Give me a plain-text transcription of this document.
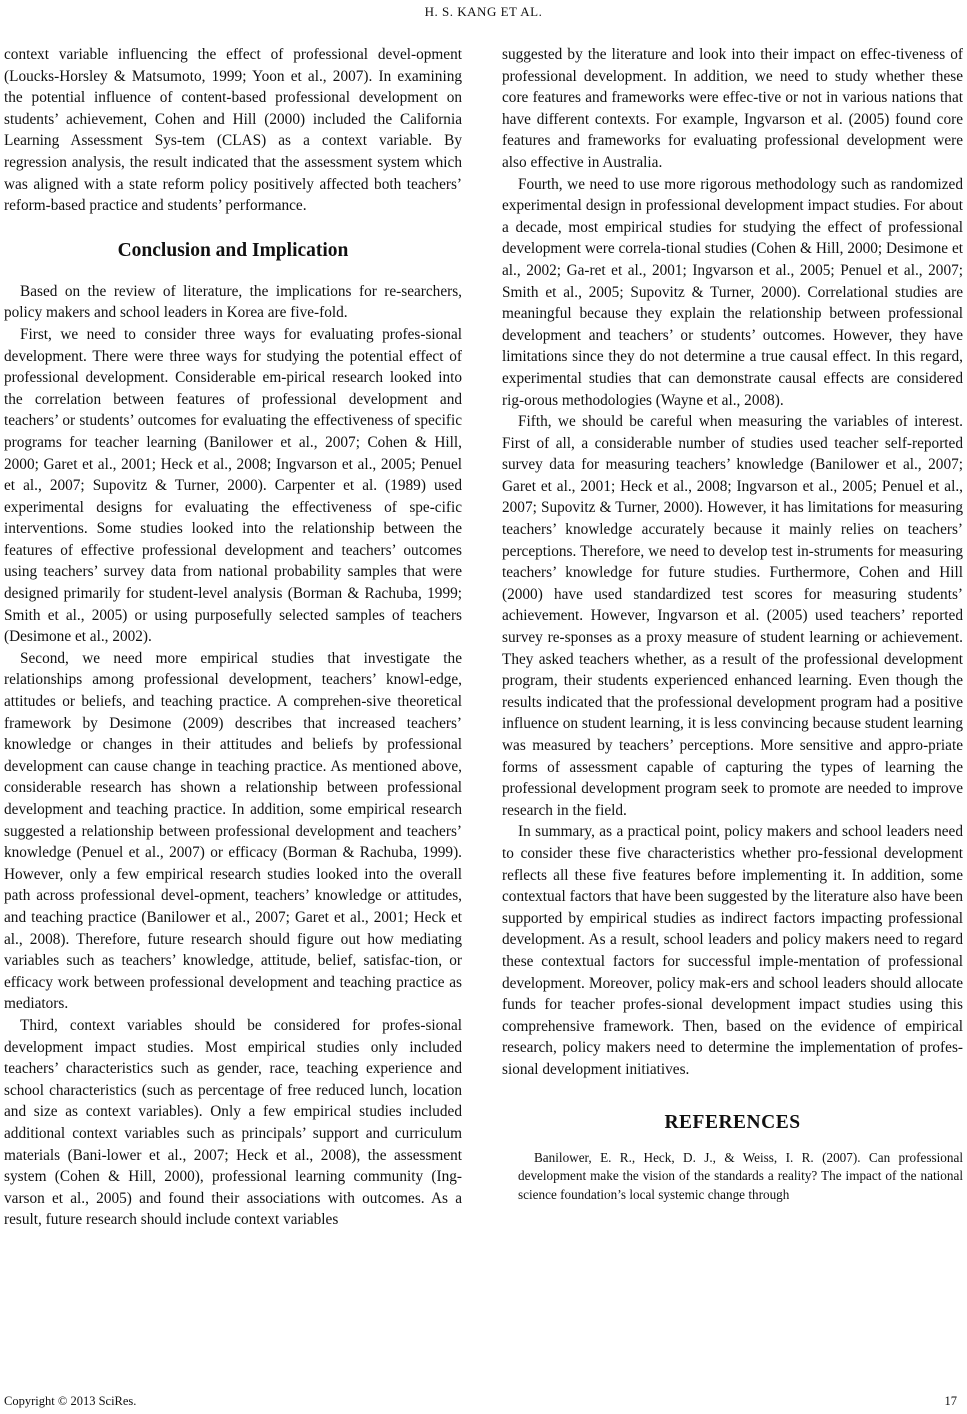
H. S. KANG ET AL.

context variable influencing the effect of professional devel-opment (Loucks-Horsley & Matsumoto, 1999; Yoon et al., 2007). In examining the potential influence of content-based professional development on students’ achievement, Cohen and Hill (2000) included the California Learning Assessment Sys-tem (CLAS) as a context variable. By regression analysis, the result indicated that the assessment system which was aligned with a state reform policy positively affected both teachers’ reform-based practice and students’ performance.

Conclusion and Implication

Based on the review of literature, the implications for re-searchers, policy makers and school leaders in Korea are five-fold.

First, we need to consider three ways for evaluating profes-sional development. There were three ways for studying the potential effect of professional development. Considerable em-pirical research looked into the correlation between features of professional development and teachers’ or students’ outcomes for evaluating the effectiveness of specific programs for teacher learning (Banilower et al., 2007; Cohen & Hill, 2000; Garet et al., 2001; Heck et al., 2008; Ingvarson et al., 2005; Penuel et al., 2007; Supovitz & Turner, 2000). Carpenter et al. (1989) used experimental designs for evaluating the effectiveness of spe-cific interventions. Some studies looked into the relationship between the features of effective professional development and teachers’ outcomes using teachers’ survey data from national probability samples that were designed primarily for student-level analysis (Borman & Rachuba, 1999; Smith et al., 2005) or using purposefully selected samples of teachers (Desimone et al., 2002).

Second, we need more empirical studies that investigate the relationships among professional development, teachers’ knowl-edge, attitudes or beliefs, and teaching practice. A comprehen-sive theoretical framework by Desimone (2009) describes that increased teachers’ knowledge or changes in their attitudes and beliefs by professional development can cause change in teaching practice. As mentioned above, considerable research has shown a relationship between professional development and teaching practice. In addition, some empirical research suggested a relationship between professional development and teachers’ knowledge (Penuel et al., 2007) or efficacy (Borman & Rachuba, 1999). However, only a few empirical research studies looked into the overall path across professional devel-opment, teachers’ knowledge or attitudes, and teaching practice (Banilower et al., 2007; Garet et al., 2001; Heck et al., 2008). Therefore, future research should figure out how mediating variables such as teachers’ knowledge, attitude, belief, satisfac-tion, or efficacy work between professional development and teaching practice as mediators.

Third, context variables should be considered for profes-sional development impact studies. Most empirical studies only included teachers’ characteristics such as gender, race, teaching experience and school characteristics (such as percentage of free reduced lunch, location and size as context variables). Only a few empirical studies included additional context variables such as principals’ support and curriculum materials (Bani-lower et al., 2007; Heck et al., 2008), the assessment system (Cohen & Hill, 2000), professional learning community (Ing-varson et al., 2005) and found their associations with outcomes. As a result, future research should include context variables

suggested by the literature and look into their impact on effec-tiveness of professional development. In addition, we need to study whether these core features and frameworks were effec-tive or not in various nations that have different contexts. For example, Ingvarson et al. (2005) found core features and frameworks for evaluating professional development were also effective in Australia.

Fourth, we need to use more rigorous methodology such as randomized experimental design in professional development impact studies. For about a decade, most empirical studies for studying the effect of professional development were correla-tional studies (Cohen & Hill, 2000; Desimone et al., 2002; Ga-ret et al., 2001; Ingvarson et al., 2005; Penuel et al., 2007; Smith et al., 2005; Supovitz & Turner, 2000). Correlational studies are meaningful because they explain the relationship between professional development and teachers’ or students’ outcomes. However, they have limitations since they do not determine a true causal effect. In this regard, experimental studies that can demonstrate causal effects are considered rig-orous methodologies (Wayne et al., 2008).

Fifth, we should be careful when measuring the variables of interest. First of all, a considerable number of studies used teacher self-reported survey data for measuring teachers’ knowledge (Banilower et al., 2007; Garet et al., 2001; Heck et al., 2008; Ingvarson et al., 2005; Penuel et al., 2007; Supovitz & Turner, 2000). However, it has limitations for measuring teachers’ knowledge accurately because it mainly relies on teachers’ perceptions. Therefore, we need to develop test in-struments for measuring teachers’ knowledge for future studies. Furthermore, Cohen and Hill (2000) have used standardized test scores for measuring students’ achievement. However, Ingvarson et al. (2005) used teachers’ reported survey re-sponses as a proxy measure of student learning or achievement. They asked teachers whether, as a result of the professional development program, their students experienced enhanced learning. Even though the results indicated that the professional development program had a positive influence on student learning, it is less convincing because student learning was measured by teachers’ perceptions. More sensitive and appro-priate forms of assessment capable of capturing the types of learning the professional development program seek to promote are needed to improve research in the field.

In summary, as a practical point, policy makers and school leaders need to consider these five characteristics whether pro-fessional development reflects all these five features before implementing it. In addition, some contextual factors that have been suggested by the literature also have been supported by empirical studies as indirect factors impacting professional development. As a result, school leaders and policy makers need to regard these contextual factors for successful imple-mentation of professional development. Moreover, policy mak-ers and school leaders should allocate funds for teacher profes-sional development impact studies using this comprehensive framework. Then, based on the evidence of empirical research, policy makers need to determine the implementation of profes-sional development initiatives.

REFERENCES

Banilower, E. R., Heck, D. J., & Weiss, I. R. (2007). Can professional development make the vision of the standards a reality? The impact of the national science foundation’s local systemic change through

Copyright © 2013 SciRes.	17
